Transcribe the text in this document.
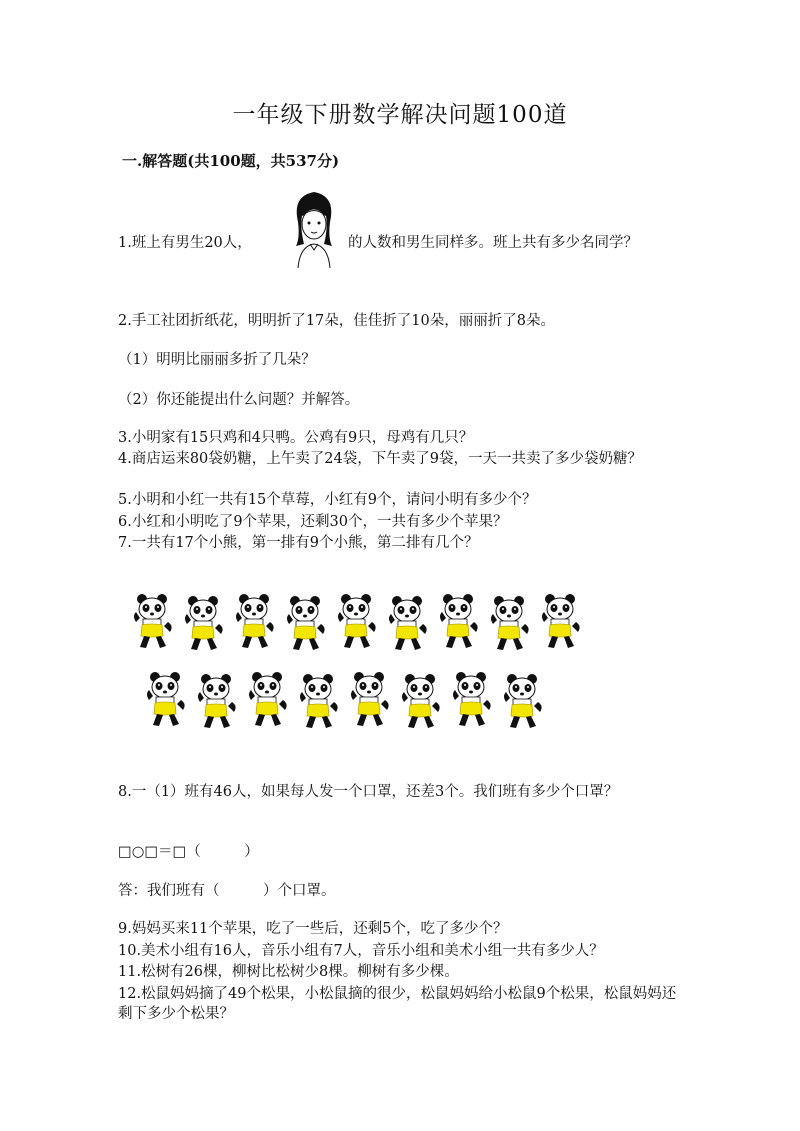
一年级下册数学解决问题100道
一.解答题(共100题，共537分)
1.班上有男生20人，	的人数和男生同样多。班上共有多少名同学？
2.手工社团折纸花，明明折了17朵，佳佳折了10朵，丽丽折了8朵。
（1）明明比丽丽多折了几朵？
（2）你还能提出什么问题？并解答。
3.小明家有15只鸡和4只鸭。公鸡有9只，母鸡有几只？
4.商店运来80袋奶糖，上午卖了24袋，下午卖了9袋，一天一共卖了多少袋奶糖？
5.小明和小红一共有15个草莓，小红有9个，请问小明有多少个？
6.小红和小明吃了9个苹果，还剩30个，一共有多少个苹果？
7.一共有17个小熊，第一排有9个小熊，第二排有几个？
8.一（1）班有46人，如果每人发一个口罩，还差3个。我们班有多少个口罩？
□○□＝□（　　　）
答：我们班有（　　　）个口罩。
9.妈妈买来11个苹果，吃了一些后，还剩5个，吃了多少个？
10.美术小组有16人，音乐小组有7人，音乐小组和美术小组一共有多少人？
11.松树有26棵，柳树比松树少8棵。柳树有多少棵。
12.松鼠妈妈摘了49个松果，小松鼠摘的很少，松鼠妈妈给小松鼠9个松果，松鼠妈妈还剩下多少个松果？
